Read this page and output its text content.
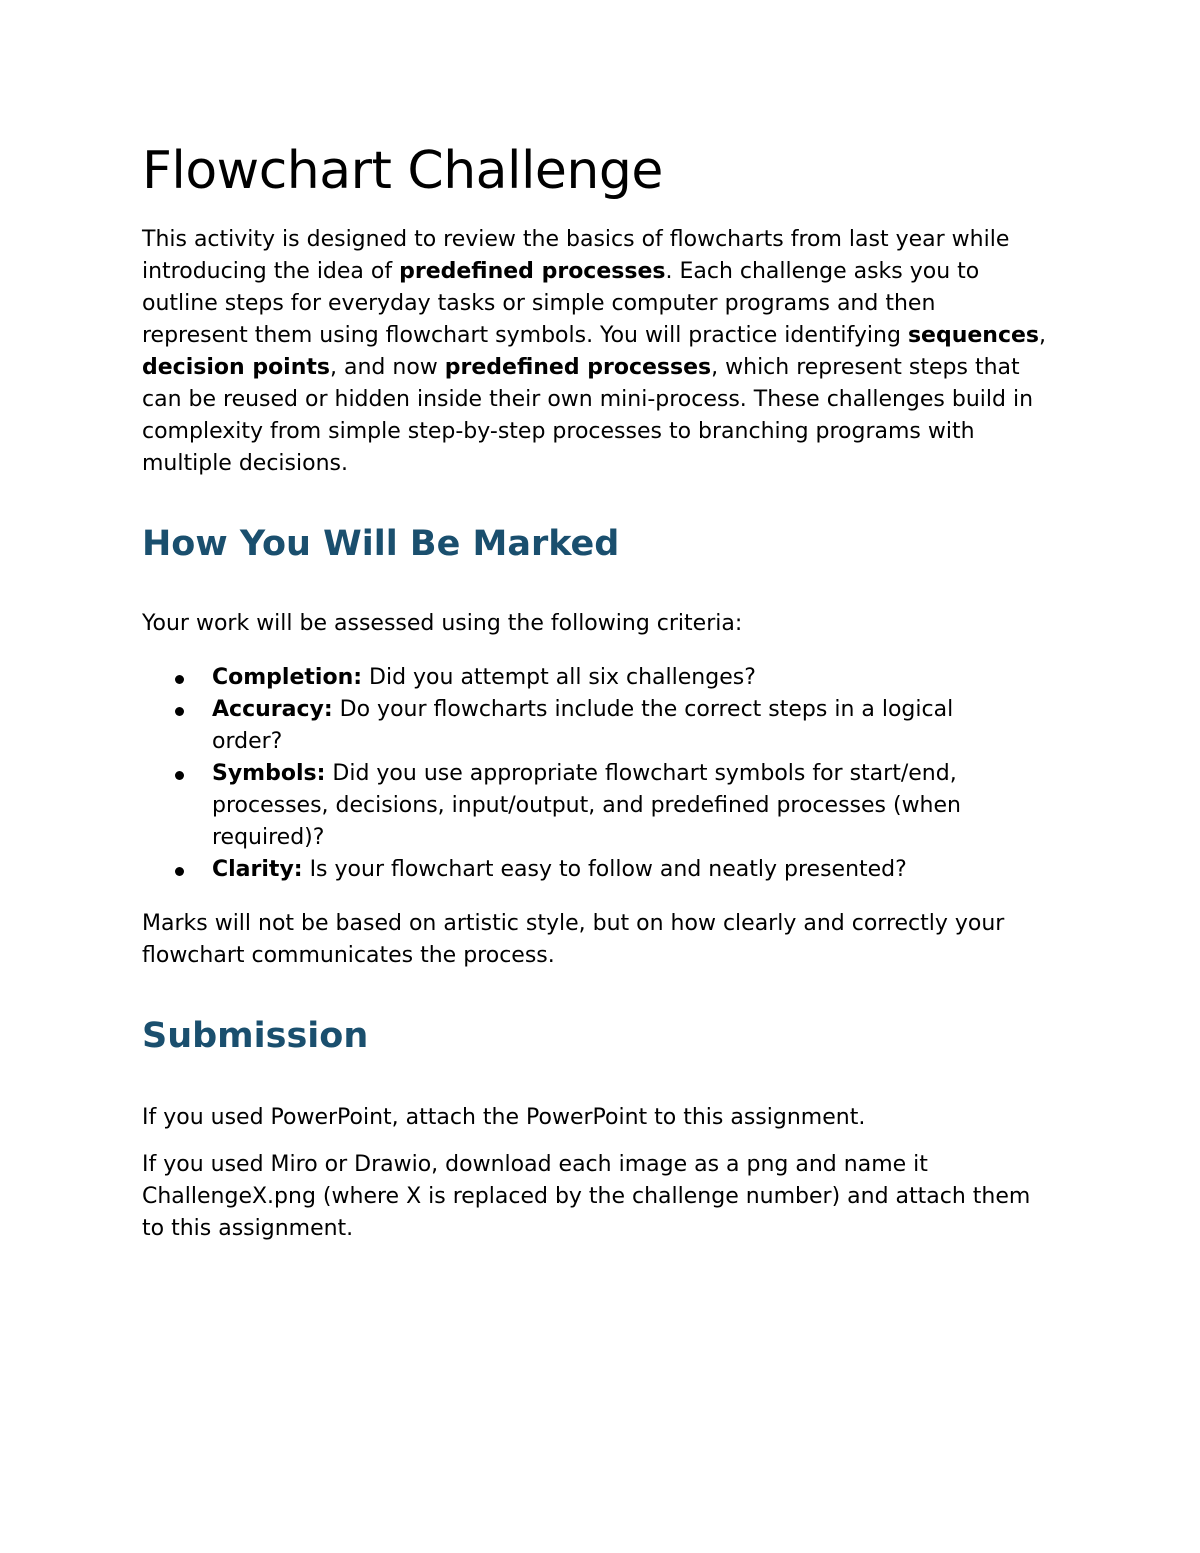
Flowchart Challenge

This activity is designed to review the basics of flowcharts from last year while introducing the idea of predefined processes. Each challenge asks you to outline steps for everyday tasks or simple computer programs and then represent them using flowchart symbols. You will practice identifying sequences, decision points, and now predefined processes, which represent steps that can be reused or hidden inside their own mini-process. These challenges build in complexity from simple step-by-step processes to branching programs with multiple decisions.

How You Will Be Marked

Your work will be assessed using the following criteria:

Completion: Did you attempt all six challenges?
Accuracy: Do your flowcharts include the correct steps in a logical order?
Symbols: Did you use appropriate flowchart symbols for start/end, processes, decisions, input/output, and predefined processes (when required)?
Clarity: Is your flowchart easy to follow and neatly presented?

Marks will not be based on artistic style, but on how clearly and correctly your flowchart communicates the process.

Submission

If you used PowerPoint, attach the PowerPoint to this assignment.

If you used Miro or Drawio, download each image as a png and name it ChallengeX.png (where X is replaced by the challenge number) and attach them to this assignment.
